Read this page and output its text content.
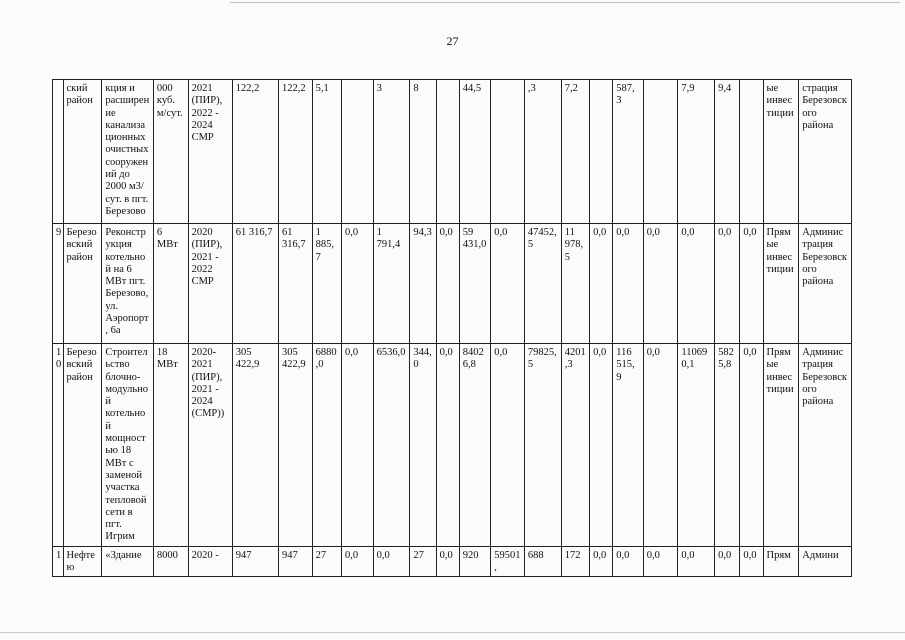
27
	ский район	кция и расширение канализационных очистных сооружений до 2000 м3/сут. в пгт. Березово	000 куб. м/сут.	2021 (ПИР), 2022 - 2024 СМР	122,2	122,2	5,1		3	8		44,5		,3	7,2		587,3		7,9	9,4		ые инвестиции	страция Березовского района
9	Березовский район	Реконструкция котельной на 6 МВт пгт. Березово, ул. Аэропорт, 6а	6 МВт	2020 (ПИР), 2021 - 2022 СМР	61 316,7	61 316,7	1 885,7	0,0	1 791,4	94,3	0,0	59 431,0	0,0	47452,5	11 978,5	0,0	0,0	0,0	0,0	0,0	0,0	Прямые инвестиции	Администрация Березовского района
10	Березовский район	Строительство блочно-модульной котельной мощностью 18 МВт с заменой участка тепловой сети в пгт. Игрим	18 МВт	2020-2021 (ПИР), 2021 - 2024 (СМР))	305 422,9	305 422,9	6880,0	0,0	6536,0	344,0	0,0	84026,8	0,0	79825,5	4201,3	0,0	116 515,9	0,0	110690,1	5825,8	0,0	Прямые инвестиции	Администрация Березовского района
1	Нефтею	«Здание	8000	2020 -	947	947	27	0,0	0,0	27	0,0	920	59501,	688	172	0,0	0,0	0,0	0,0	0,0	0,0	Прям	Админи
